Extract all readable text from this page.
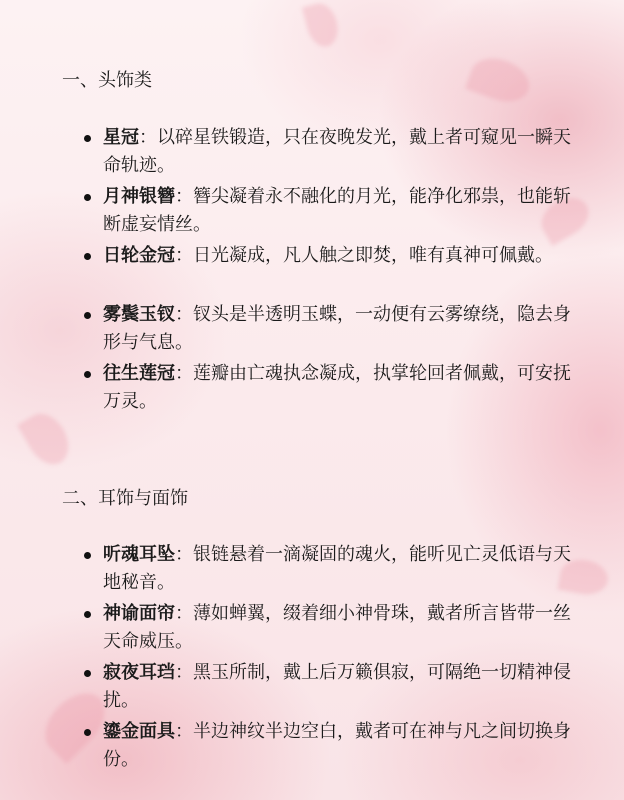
一、头饰类
星冠：以碎星铁锻造，只在夜晚发光，戴上者可窥见一瞬天命轨迹。
月神银簪：簪尖凝着永不融化的月光，能净化邪祟，也能斩断虚妄情丝。
日轮金冠：日光凝成，凡人触之即焚，唯有真神可佩戴。
雾鬓玉钗：钗头是半透明玉蝶，一动便有云雾缭绕，隐去身形与气息。
往生莲冠：莲瓣由亡魂执念凝成，执掌轮回者佩戴，可安抚万灵。
二、耳饰与面饰
听魂耳坠：银链悬着一滴凝固的魂火，能听见亡灵低语与天地秘音。
神谕面帘：薄如蝉翼，缀着细小神骨珠，戴者所言皆带一丝天命威压。
寂夜耳珰：黑玉所制，戴上后万籁俱寂，可隔绝一切精神侵扰。
鎏金面具：半边神纹半边空白，戴者可在神与凡之间切换身份。
